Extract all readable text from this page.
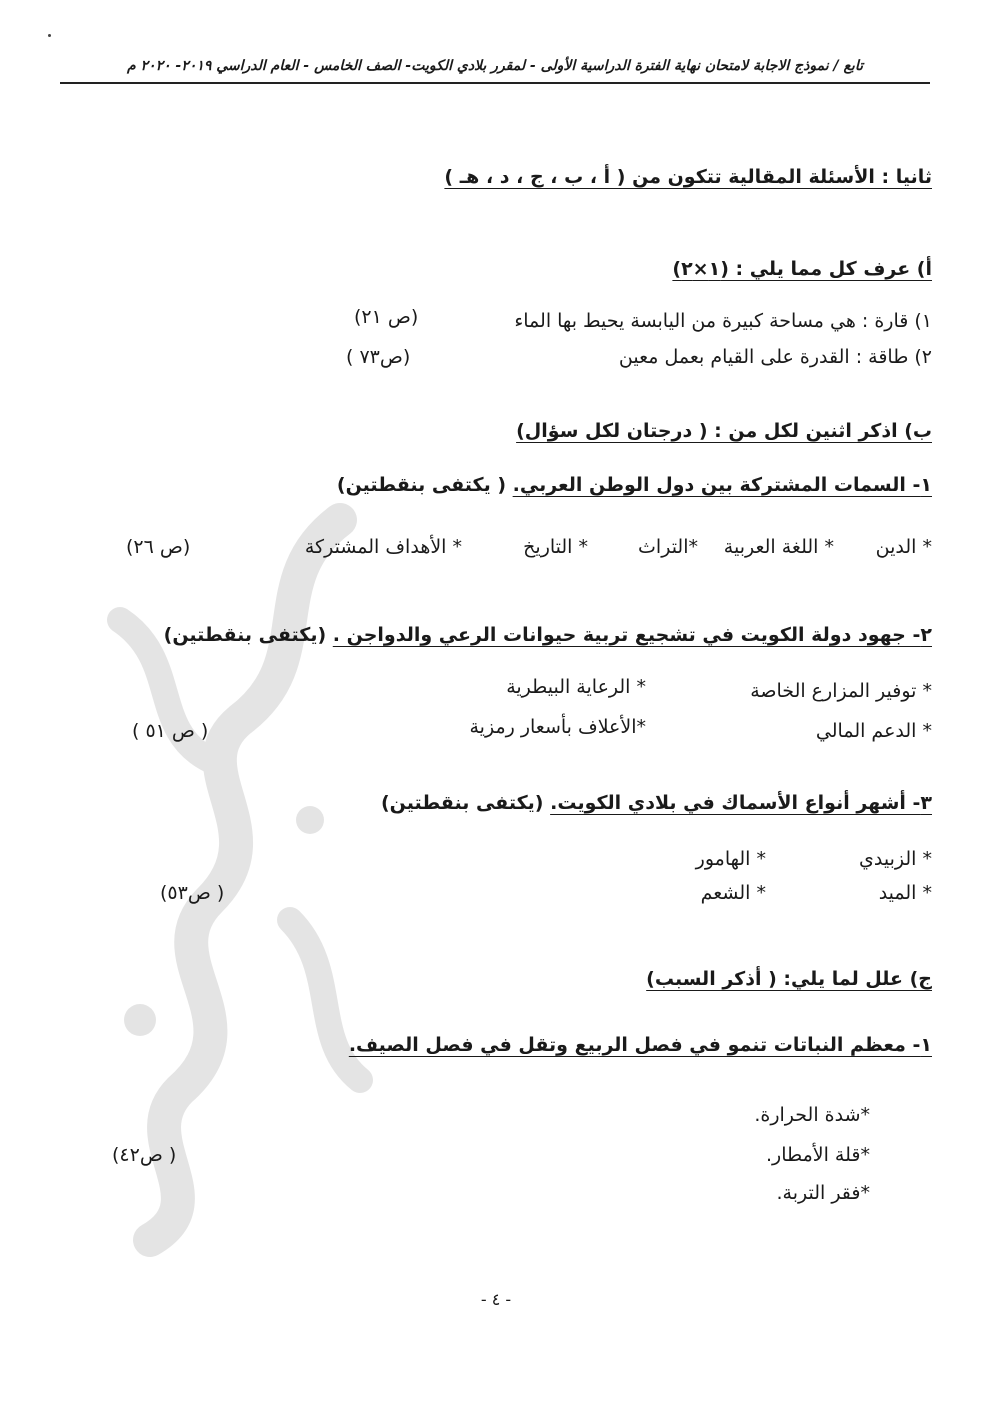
تابع / نموذج الاجابة لامتحان نهاية الفترة الدراسية الأولى - لمقرر بلادي الكويت- الصف الخامس - العام الدراسي ٢٠١٩- ٢٠٢٠ م
ثانيا : الأسئلة المقالية تتكون من ( أ ، ب ، ج ، د ، هـ )
أ) عرف كل مما يلي : (١×٢)
١) قارة : هي مساحة كبيرة من اليابسة يحيط بها الماء
(ص ٢١)
٢) طاقة : القدرة على القيام بعمل معين
(ص٧٣ )
ب) اذكر اثنين لكل من : ( درجتان لكل سؤال)
١- السمات المشتركة بين دول الوطن العربي. ( يكتفى بنقطتين)
* الدين
* اللغة العربية
*التراث
* التاريخ
* الأهداف المشتركة
(ص ٢٦)
٢- جهود دولة الكويت في تشجيع تربية حيوانات الرعي والدواجن . (يكتفى بنقطتين)
* توفير المزارع الخاصة
* الرعاية البيطرية
* الدعم المالي
*الأعلاف بأسعار رمزية
( ص ٥١ )
٣- أشهر أنواع الأسماك في بلادي الكويت. (يكتفى بنقطتين)
* الزبيدي
* الهامور
* الميد
* الشعم
( ص٥٣)
ج) علل لما يلي: ( أذكر السبب)
١- معظم النباتات تنمو في فصل الربيع وتقل في فصل الصيف.
*شدة الحرارة.
*قلة الأمطار.
*فقر التربة.
( ص٤٢)
- ٤ -
